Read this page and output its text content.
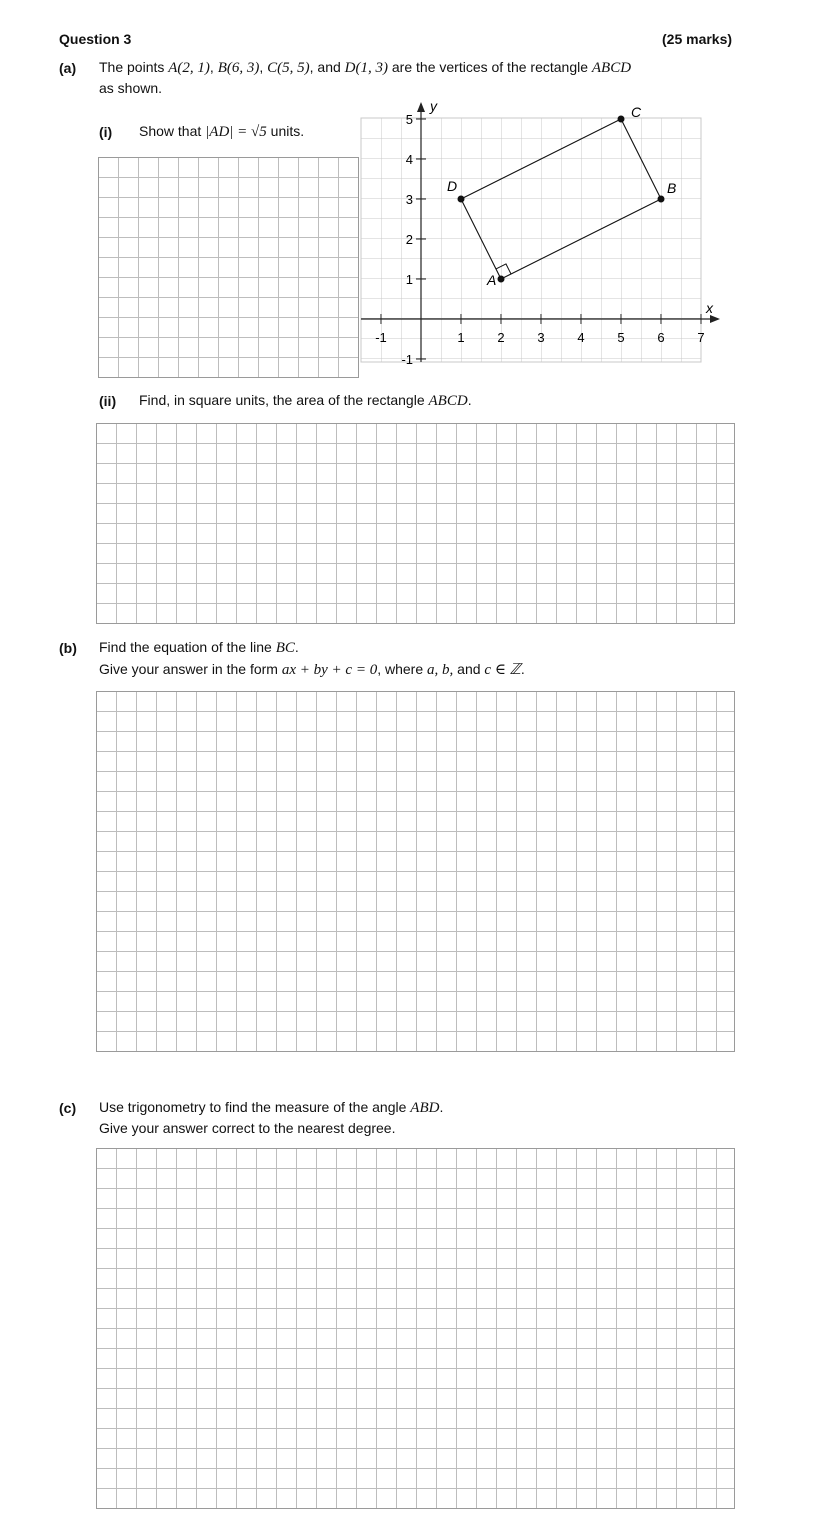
Question 3	(25 marks)
(a) The points A(2, 1), B(6, 3), C(5, 5), and D(1, 3) are the vertices of the rectangle ABCD
as shown.
(i) Show that |AD| = √5 units.
x
y
-1	1	2	3	4	5	6	7
5
4
3
2
1
-1
A
B
C
D
(ii) Find, in square units, the area of the rectangle ABCD.
(b) Find the equation of the line BC.
Give your answer in the form ax + by + c = 0, where a, b, and c ∈ ℤ.
(c) Use trigonometry to find the measure of the angle ABD.
Give your answer correct to the nearest degree.
